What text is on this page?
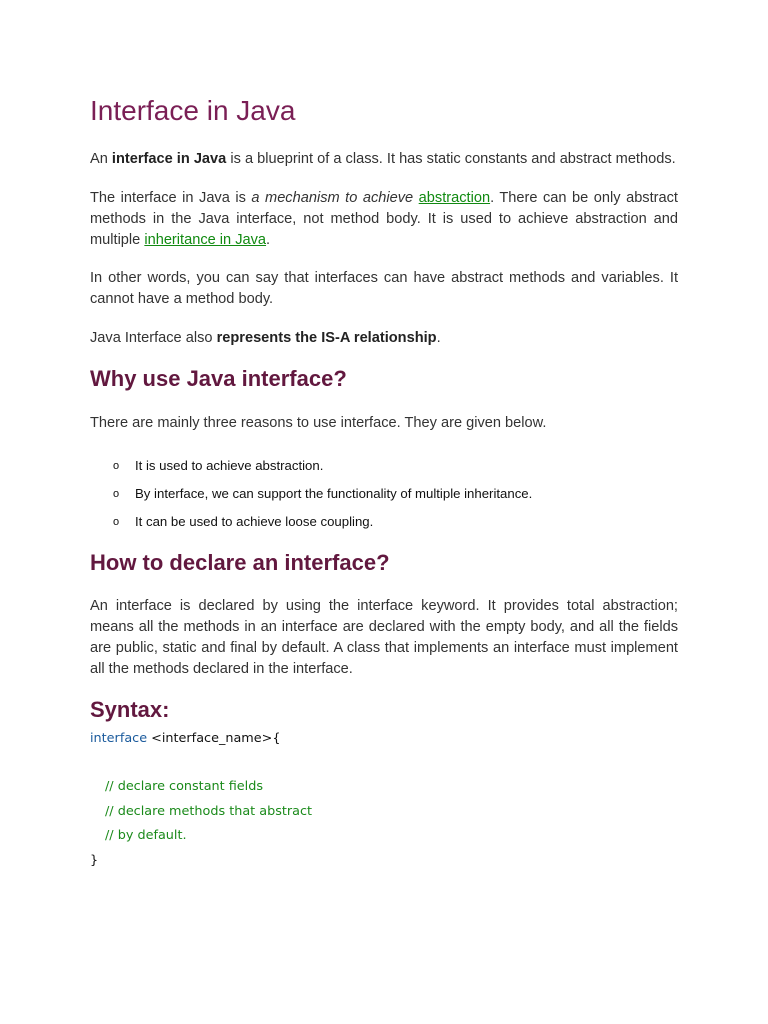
Interface in Java

An interface in Java is a blueprint of a class. It has static constants and abstract methods.

The interface in Java is a mechanism to achieve abstraction. There can be only abstract methods in the Java interface, not method body. It is used to achieve abstraction and multiple inheritance in Java.

In other words, you can say that interfaces can have abstract methods and variables. It cannot have a method body.

Java Interface also represents the IS-A relationship.

Why use Java interface?

There are mainly three reasons to use interface. They are given below.

o It is used to achieve abstraction.
o By interface, we can support the functionality of multiple inheritance.
o It can be used to achieve loose coupling.
How to declare an interface?

An interface is declared by using the interface keyword. It provides total abstraction; means all the methods in an interface are declared with the empty body, and all the fields are public, static and final by default. A class that implements an interface must implement all the methods declared in the interface.

Syntax:
interface <interface_name>{
// declare constant fields
// declare methods that abstract
// by default.
}
